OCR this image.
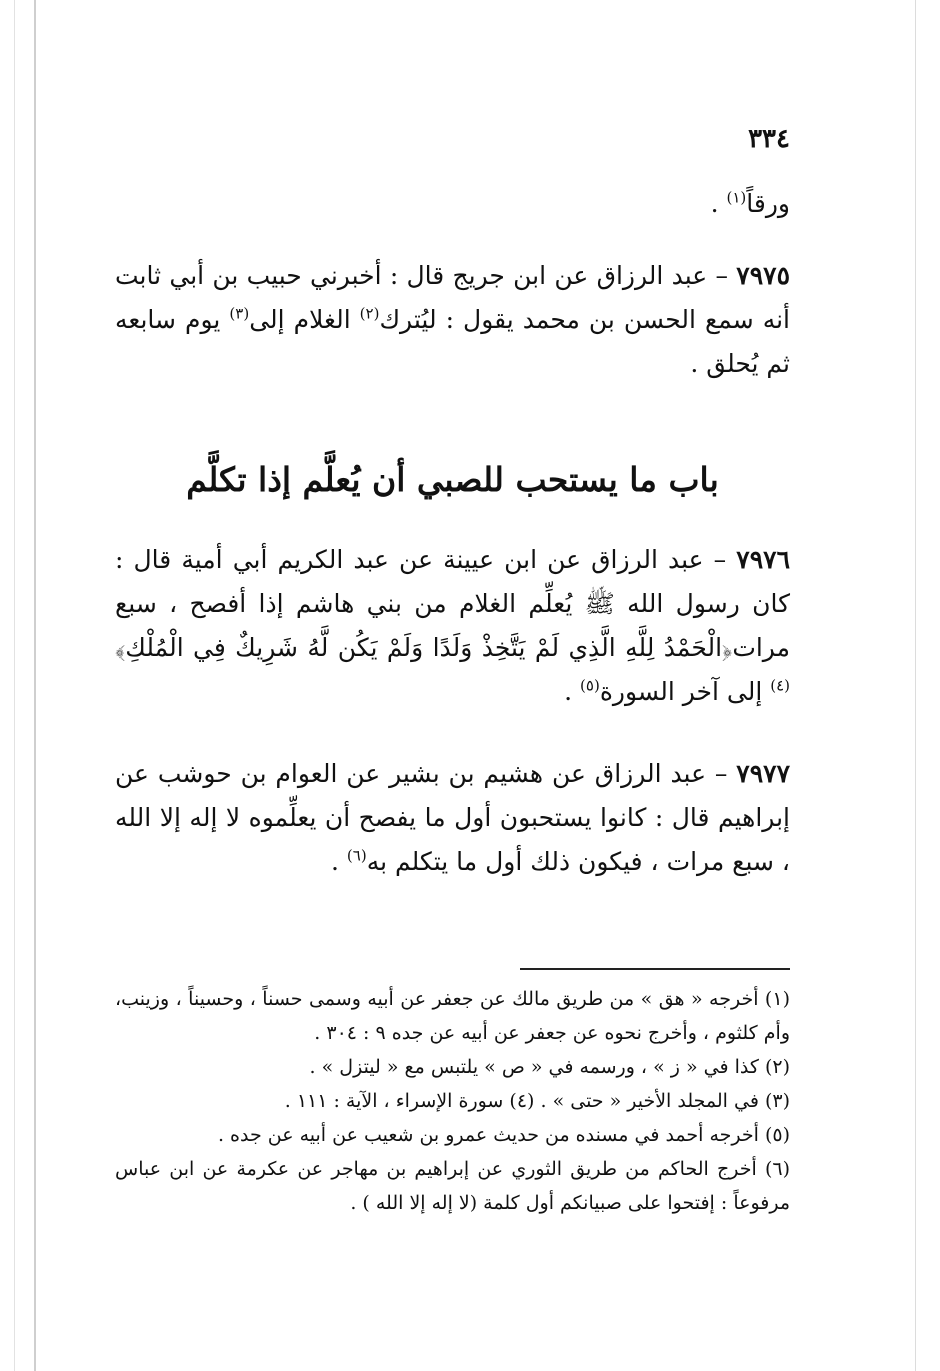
٣٣٤
ورقاً$^{(١)}$ .
٧٩٧٥ – عبد الرزاق عن ابن جريج قال : أخبرني حبيب بن أبي ثابت أنه سمع الحسن بن محمد يقول : ليُترك$^{(٢)}$ الغلام إلى$^{(٣)}$ يوم سابعه ثم يُحلق .
باب ما يستحب للصبي أن يُعلَّم إذا تكلَّم
٧٩٧٦ – عبد الرزاق عن ابن عيينة عن عبد الكريم أبي أمية قال : كان رسول الله ﷺ يُعلِّم الغلام من بني هاشم إذا أفصح ، سبع مرات﴿الْحَمْدُ لِلَّهِ الَّذِي لَمْ يَتَّخِذْ وَلَدًا وَلَمْ يَكُن لَّهُ شَرِيكٌ فِي الْمُلْكِ﴾$^{(٤)}$ إلى آخر السورة$^{(٥)}$ .
٧٩٧٧ – عبد الرزاق عن هشيم بن بشير عن العوام بن حوشب عن إبراهيم قال : كانوا يستحبون أول ما يفصح أن يعلِّموه لا إله إلا الله ، سبع مرات ، فيكون ذلك أول ما يتكلم به$^{(٦)}$ .
(١) أخرجه « هق » من طريق مالك عن جعفر عن أبيه وسمى حسناً ، وحسيناً ، وزينب، وأم كلثوم ، وأخرج نحوه عن جعفر عن أبيه عن جده ٩ : ٣٠٤ .
(٢) كذا في « ز » ، ورسمه في « ص » يلتبس مع « ليتزل » .
(٣) في المجلد الأخير « حتى » . (٤) سورة الإسراء ، الآية : ١١١ .
(٥) أخرجه أحمد في مسنده من حديث عمرو بن شعيب عن أبيه عن جده .
(٦) أخرج الحاكم من طريق الثوري عن إبراهيم بن مهاجر عن عكرمة عن ابن عباس مرفوعاً : إفتحوا على صبيانكم أول كلمة (لا إله إلا الله ) .
